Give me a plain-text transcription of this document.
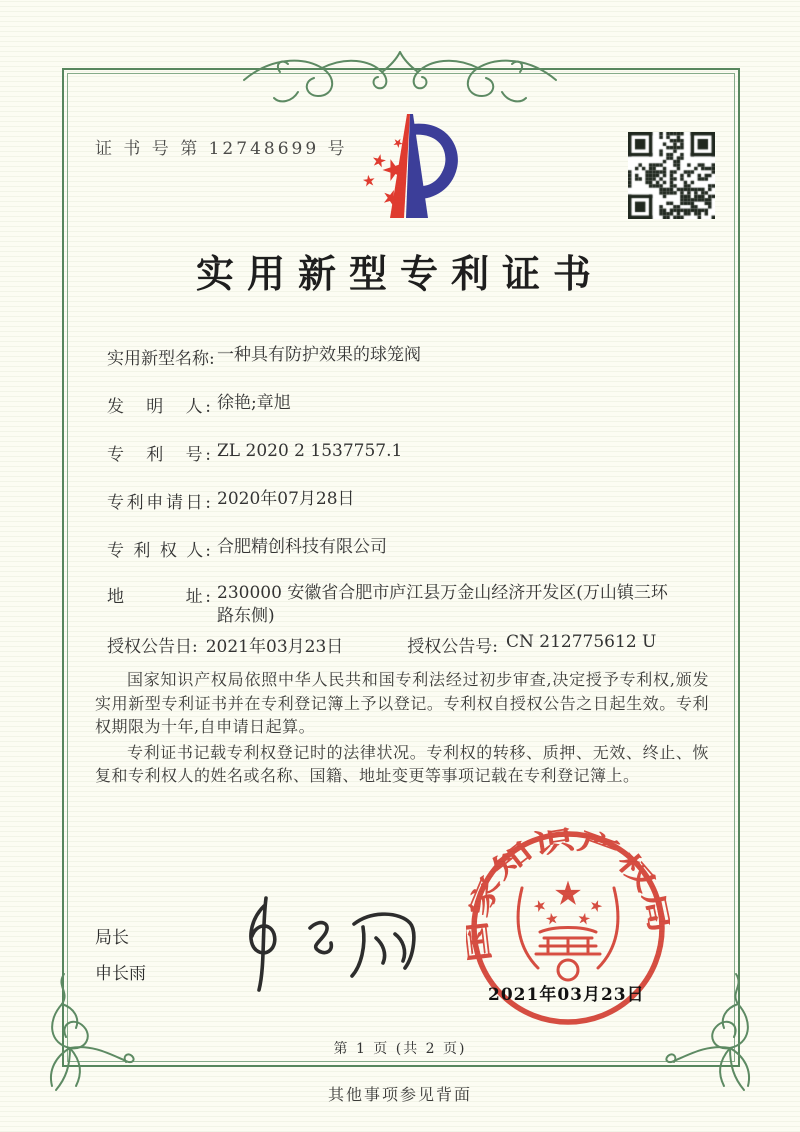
证 书 号 第 12748699 号
实用新型专利证书
实用新型名称: 一种具有防护效果的球笼阀
发　明　人: 徐艳;章旭
专　利　号: ZL 2020 2 1537757.1
专利申请日: 2020年07月28日
专 利 权 人: 合肥精创科技有限公司
地　　　址: 230000 安徽省合肥市庐江县万金山经济开发区(万山镇三环路东侧)
授权公告日: 2021年03月23日	授权公告号: CN 212775612 U

国家知识产权局依照中华人民共和国专利法经过初步审查,决定授予专利权,颁发实用新型专利证书并在专利登记簿上予以登记。专利权自授权公告之日起生效。专利权期限为十年,自申请日起算。

专利证书记载专利权登记时的法律状况。专利权的转移、质押、无效、终止、恢复和专利权人的姓名或名称、国籍、地址变更等事项记载在专利登记簿上。

局长
申长雨
国家知识产权局
2021年03月23日
第 1 页 (共 2 页)
其他事项参见背面
